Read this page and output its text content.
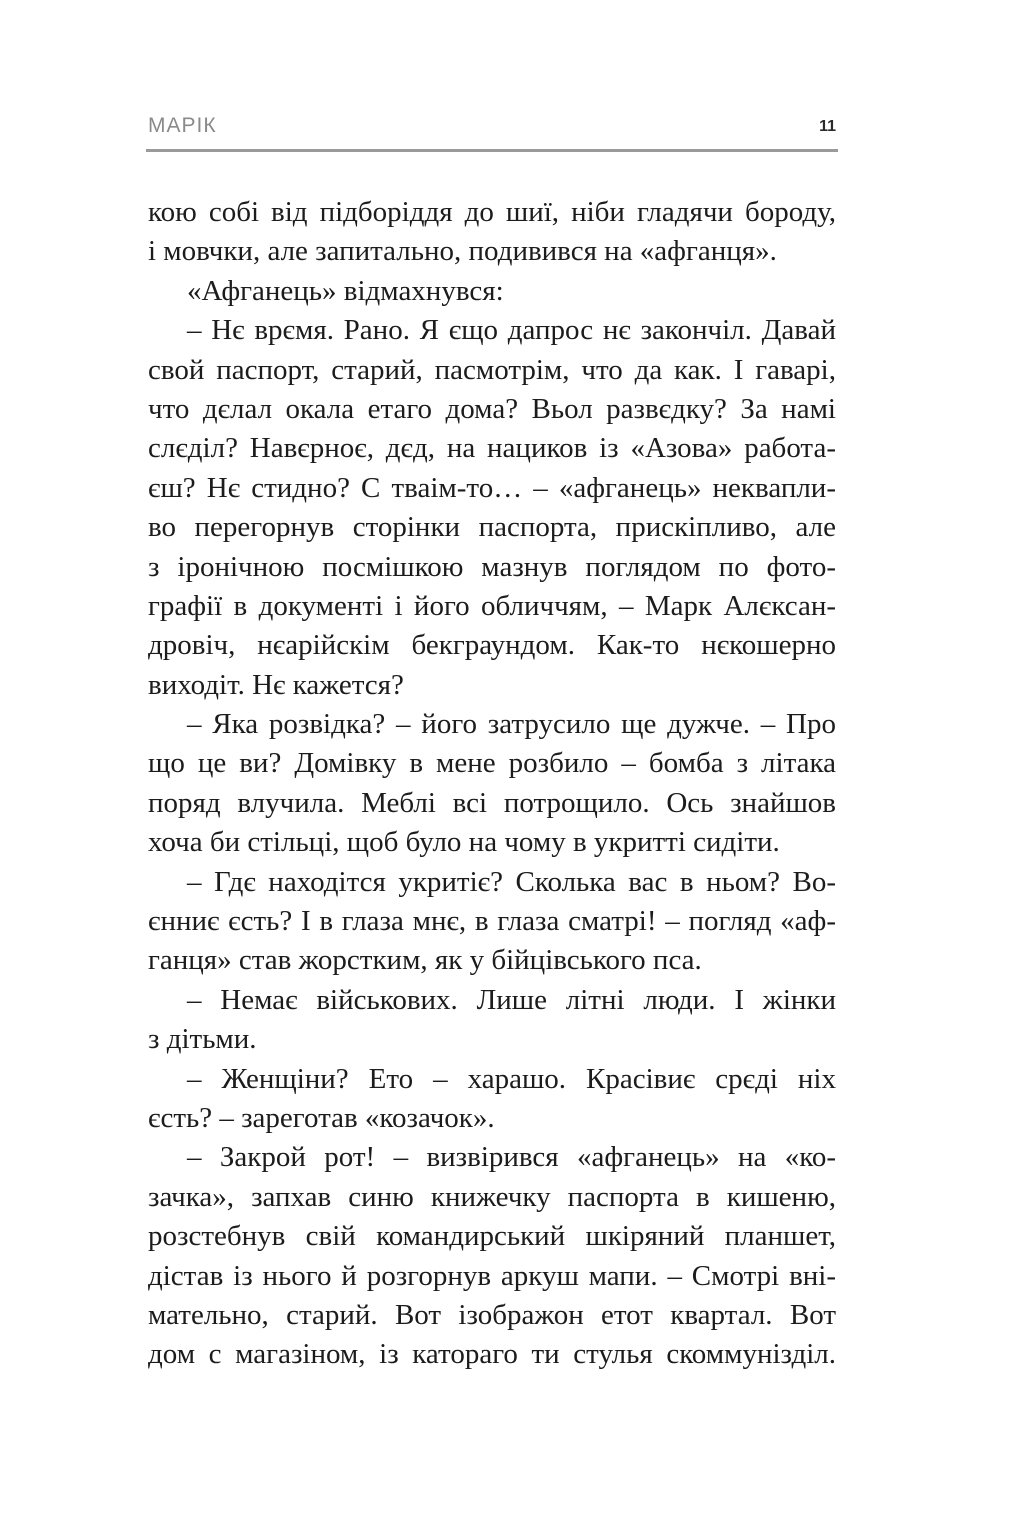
МАРІК	11
кою собі від підборіддя до шиї, ніби гладячи бороду,
і мовчки, але запитально, подивився на «афганця».
«Афганець» відмахнувся:
– Нє врємя. Рано. Я єщо дапрос нє закончіл. Давай
свой паспорт, старий, пасмотрім, что да как. І гаварі,
что дєлал окала етаго дома? Вьол развєдку? За намі
слєділ? Навєрноє, дєд, на нациков із «Азова» работа-
єш? Нє стидно? С тваім-то… – «афганець» неквапли-
во перегорнув сторінки паспорта, прискіпливо, але
з іронічною посмішкою мазнув поглядом по фото-
графії в документі і його обличчям, – Марк Алєксан-
дровіч, нєарійскім бекграундом. Как-то нєкошерно
виходіт. Нє кажется?
– Яка розвідка? – його затрусило ще дужче. – Про
що це ви? Домівку в мене розбило – бомба з літака
поряд влучила. Меблі всі потрощило. Ось знайшов
хоча би стільці, щоб було на чому в укритті сидіти.
– Гдє находітся укритіє? Сколька вас в ньом? Во-
єнниє єсть? І в глаза мнє, в глаза сматрі! – погляд «аф-
ганця» став жорстким, як у бійцівського пса.
– Немає військових. Лише літні люди. І жінки
з дітьми.
– Женщіни? Ето – харашо. Красівиє срєді ніх
єсть? – зареготав «козачок».
– Закрой рот! – визвірився «афганець» на «ко-
зачка», запхав синю книжечку паспорта в кишеню,
розстебнув свій командирський шкіряний планшет,
дістав із нього й розгорнув аркуш мапи. – Смотрі вні-
мательно, старий. Вот ізображон етот квартал. Вот
дом с магазіном, із катораго ти стулья скоммунізділ.
